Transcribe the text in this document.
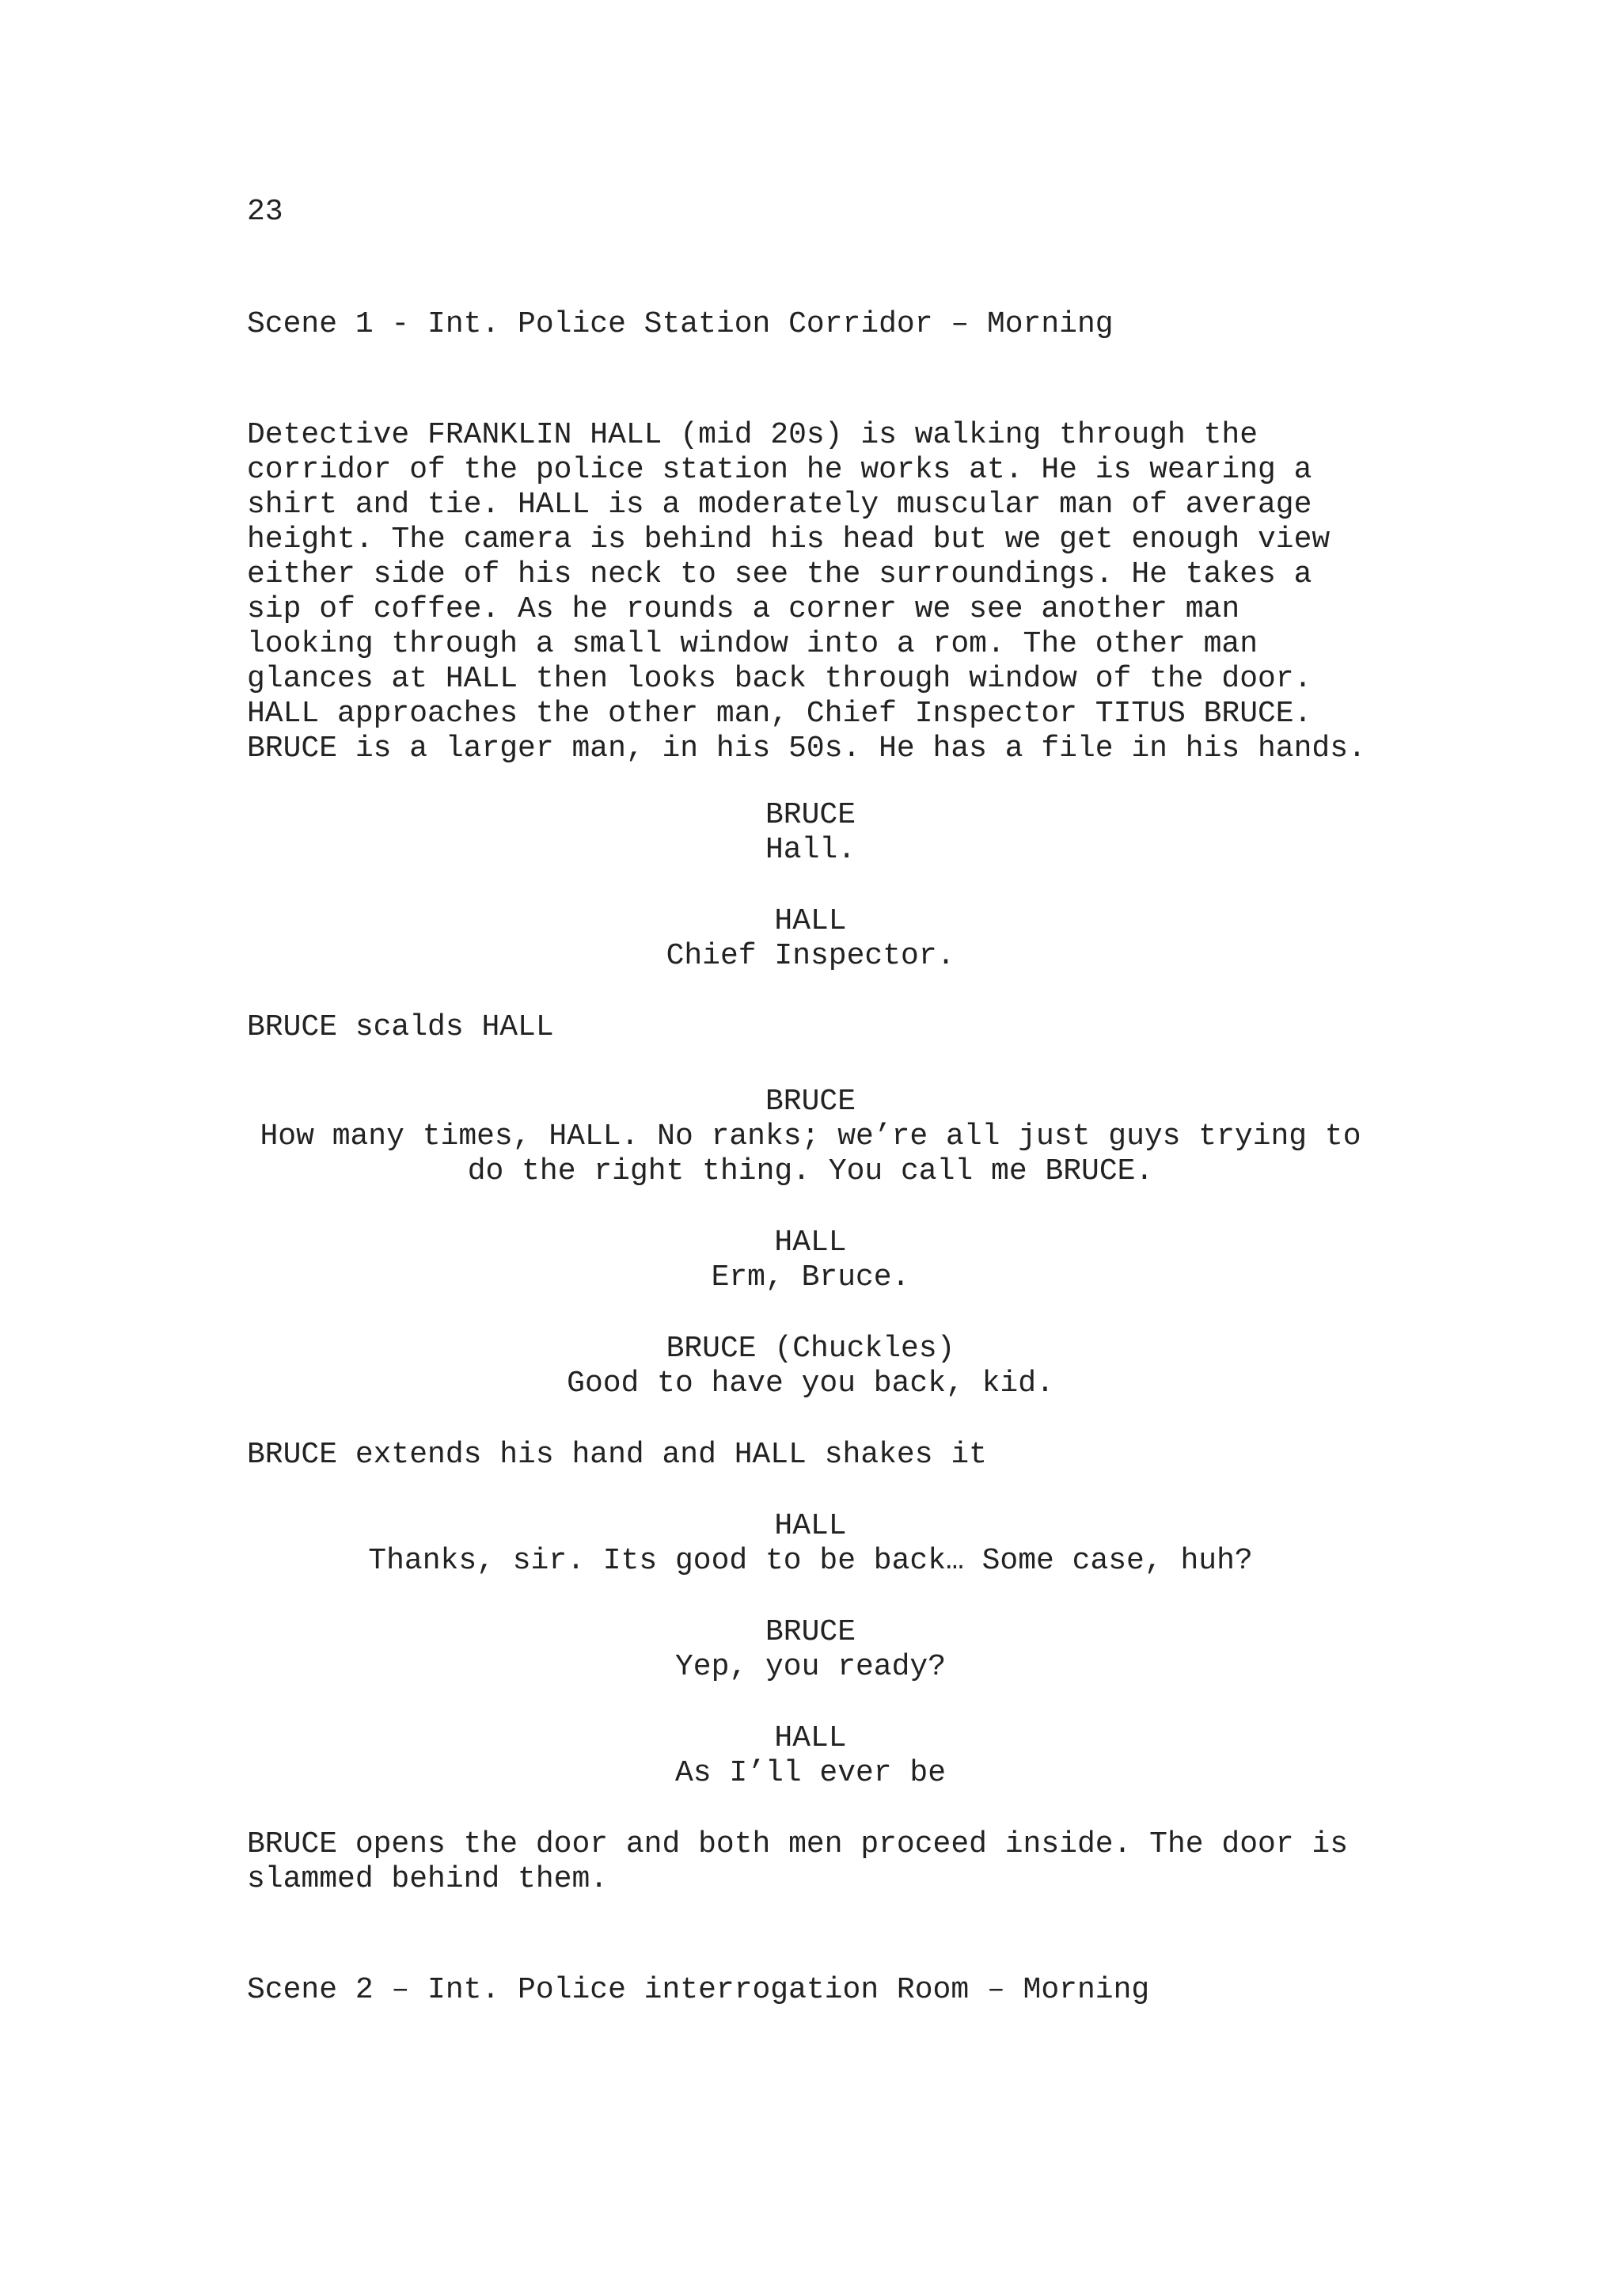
23
Scene 1 - Int. Police Station Corridor – Morning
Detective FRANKLIN HALL (mid 20s) is walking through the
corridor of the police station he works at. He is wearing a
shirt and tie. HALL is a moderately muscular man of average
height. The camera is behind his head but we get enough view
either side of his neck to see the surroundings. He takes a
sip of coffee. As he rounds a corner we see another man
looking through a small window into a rom. The other man
glances at HALL then looks back through window of the door.
HALL approaches the other man, Chief Inspector TITUS BRUCE.
BRUCE is a larger man, in his 50s. He has a file in his hands.
BRUCE
Hall.
HALL
Chief Inspector.
BRUCE scalds HALL
BRUCE
How many times, HALL. No ranks; we’re all just guys trying to
do the right thing. You call me BRUCE.
HALL
Erm, Bruce.
BRUCE (Chuckles)
Good to have you back, kid.
BRUCE extends his hand and HALL shakes it
HALL
Thanks, sir. Its good to be back… Some case, huh?
BRUCE
Yep, you ready?
HALL
As I’ll ever be
BRUCE opens the door and both men proceed inside. The door is
slammed behind them.
Scene 2 – Int. Police interrogation Room – Morning
